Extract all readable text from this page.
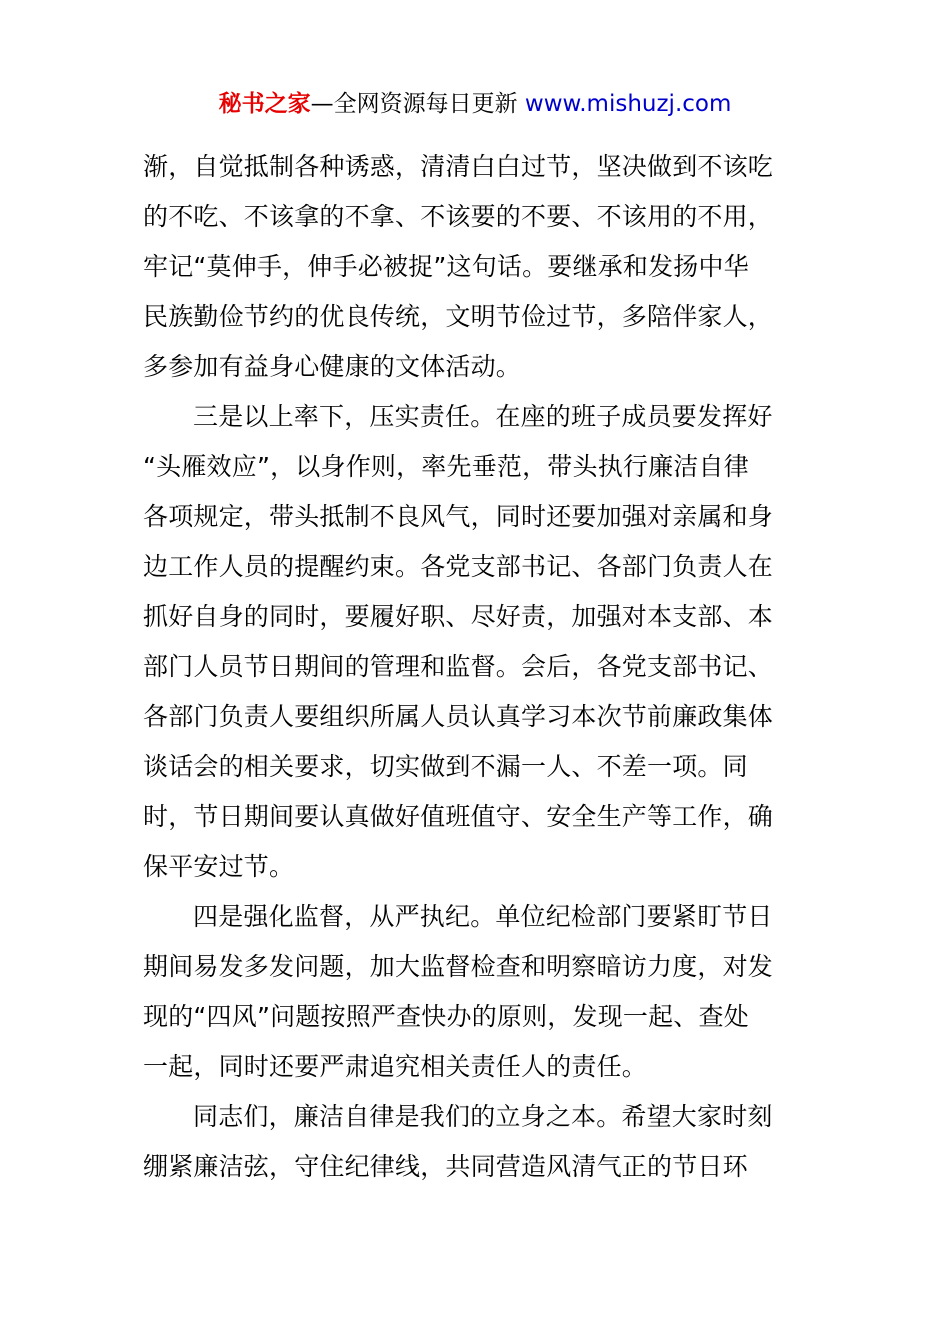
秘书之家—全网资源每日更新 www.mishuzj.com
渐，自觉抵制各种诱惑，清清白白过节，坚决做到不该吃
的不吃、不该拿的不拿、不该要的不要、不该用的不用，
牢记“莫伸手，伸手必被捉”这句话。要继承和发扬中华
民族勤俭节约的优良传统，文明节俭过节，多陪伴家人，
多参加有益身心健康的文体活动。
三是以上率下，压实责任。在座的班子成员要发挥好
“头雁效应”，以身作则，率先垂范，带头执行廉洁自律
各项规定，带头抵制不良风气，同时还要加强对亲属和身
边工作人员的提醒约束。各党支部书记、各部门负责人在
抓好自身的同时，要履好职、尽好责，加强对本支部、本
部门人员节日期间的管理和监督。会后，各党支部书记、
各部门负责人要组织所属人员认真学习本次节前廉政集体
谈话会的相关要求，切实做到不漏一人、不差一项。同
时，节日期间要认真做好值班值守、安全生产等工作，确
保平安过节。
四是强化监督，从严执纪。单位纪检部门要紧盯节日
期间易发多发问题，加大监督检查和明察暗访力度，对发
现的“四风”问题按照严查快办的原则，发现一起、查处
一起，同时还要严肃追究相关责任人的责任。
同志们，廉洁自律是我们的立身之本。希望大家时刻
绷紧廉洁弦，守住纪律线，共同营造风清气正的节日环
